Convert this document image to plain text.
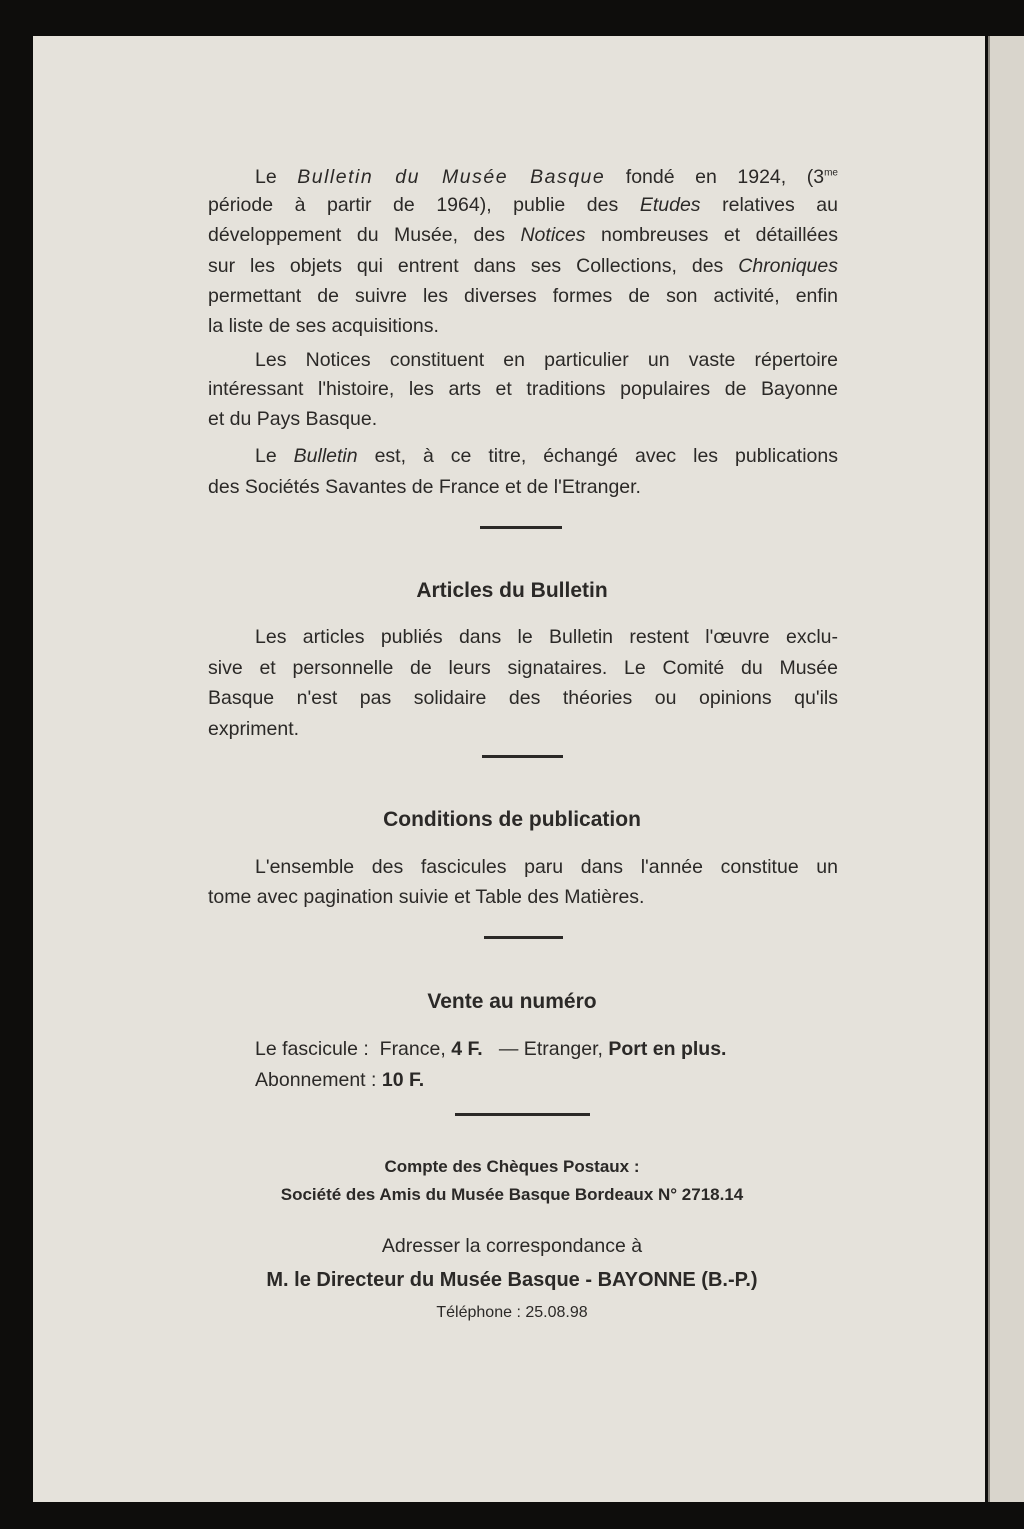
Le Bulletin du Musée Basque fondé en 1924, ($3^{me}$
période à partir de 1964), publie des Etudes relatives au
développement du Musée, des Notices nombreuses et détaillées
sur les objets qui entrent dans ses Collections, des Chroniques
permettant de suivre les diverses formes de son activité, enfin
la liste de ses acquisitions.
Les Notices constituent en particulier un vaste répertoire
intéressant l'histoire, les arts et traditions populaires de Bayonne
et du Pays Basque.
Le Bulletin est, à ce titre, échangé avec les publications
des Sociétés Savantes de France et de l'Etranger.
Articles du Bulletin
Les articles publiés dans le Bulletin restent l'œuvre exclu-
sive et personnelle de leurs signataires. Le Comité du Musée
Basque n'est pas solidaire des théories ou opinions qu'ils
expriment.
Conditions de publication
L'ensemble des fascicules paru dans l'année constitue un
tome avec pagination suivie et Table des Matières.
Vente au numéro
Le fascicule : France, 4 F. — Etranger, Port en plus.
Abonnement : 10 F.
Compte des Chèques Postaux :
Société des Amis du Musée Basque Bordeaux N° 2718.14
Adresser la correspondance à
M. le Directeur du Musée Basque - BAYONNE (B.-P.)
Téléphone : 25.08.98
